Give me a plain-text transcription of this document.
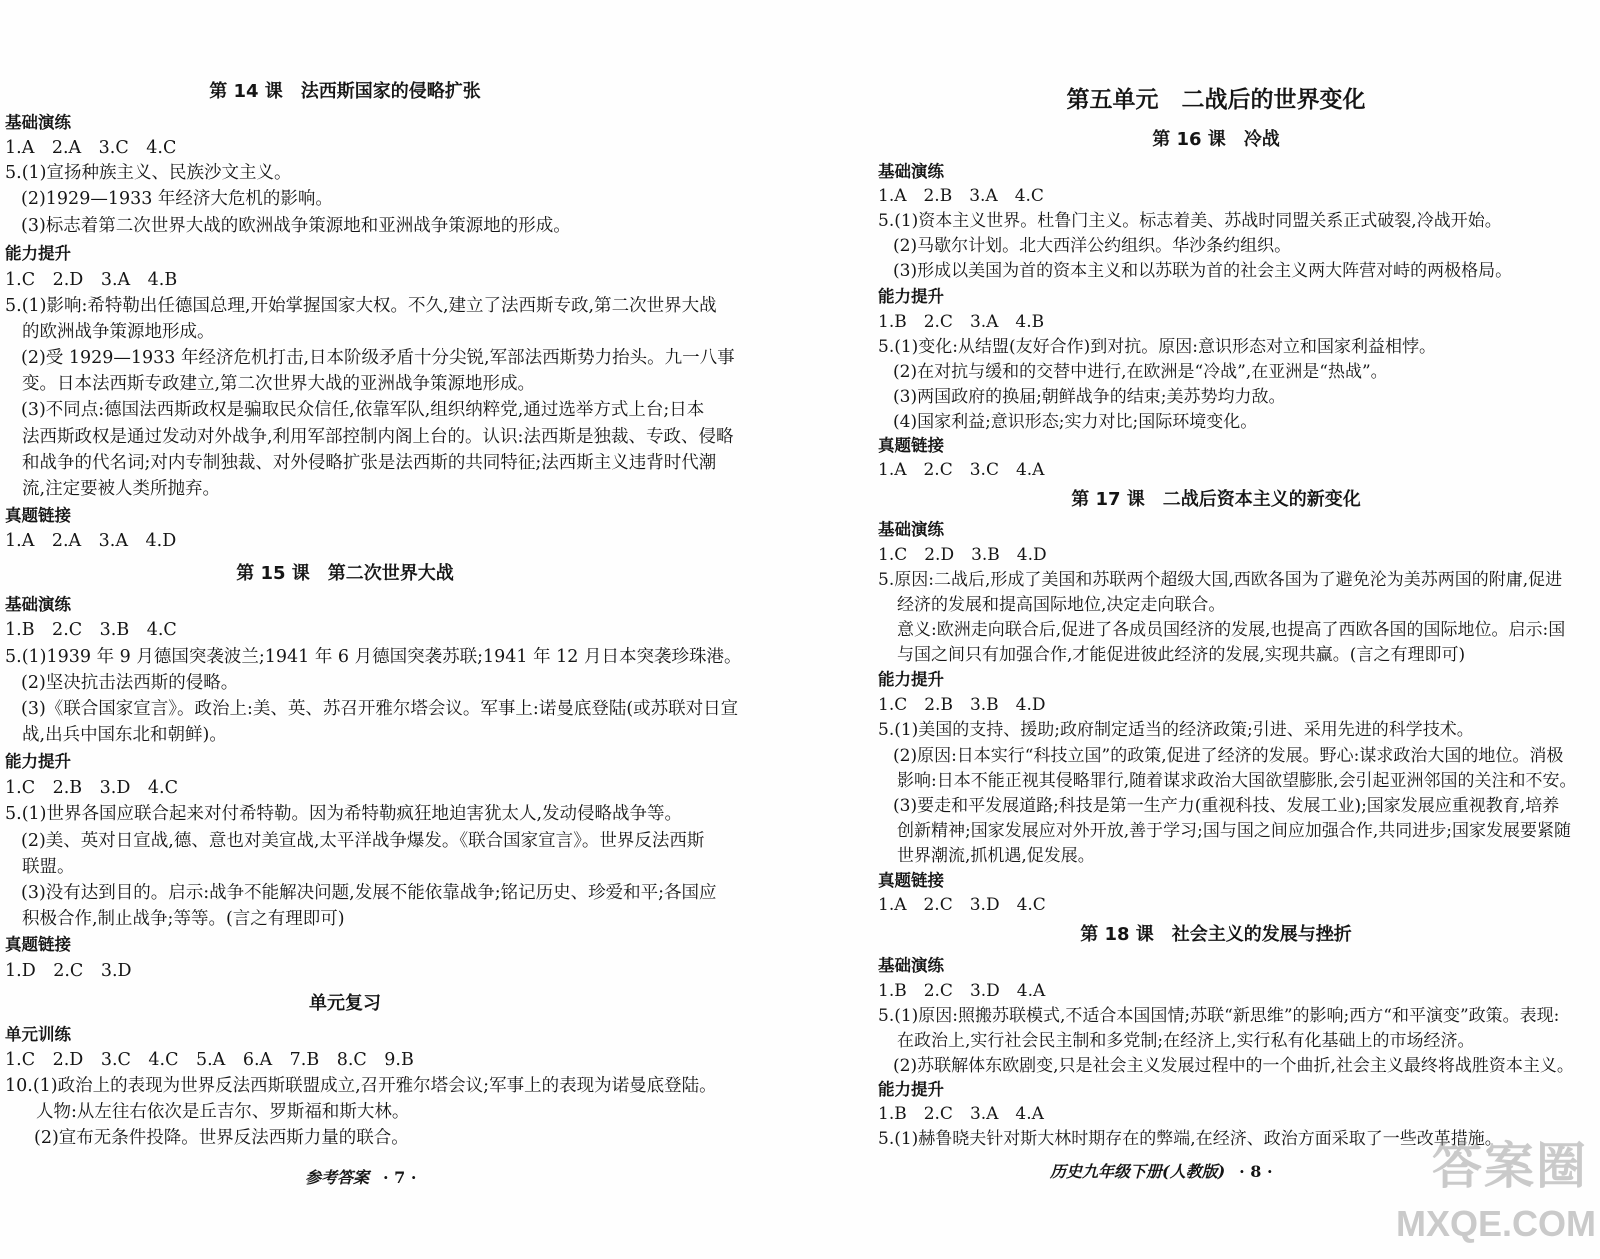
第 14 课　法西斯国家的侵略扩张
基础演练
1.A　2.A　3.C　4.C
5.(1)宣扬种族主义、民族沙文主义。
(2)1929—1933 年经济大危机的影响。
(3)标志着第二次世界大战的欧洲战争策源地和亚洲战争策源地的形成。
能力提升
1.C　2.D　3.A　4.B
5.(1)影响:希特勒出任德国总理,开始掌握国家大权。不久,建立了法西斯专政,第二次世界大战
的欧洲战争策源地形成。
(2)受 1929—1933 年经济危机打击,日本阶级矛盾十分尖锐,军部法西斯势力抬头。九一八事
变。日本法西斯专政建立,第二次世界大战的亚洲战争策源地形成。
(3)不同点:德国法西斯政权是骗取民众信任,依靠军队,组织纳粹党,通过选举方式上台;日本
法西斯政权是通过发动对外战争,利用军部控制内阁上台的。认识:法西斯是独裁、专政、侵略
和战争的代名词;对内专制独裁、对外侵略扩张是法西斯的共同特征;法西斯主义违背时代潮
流,注定要被人类所抛弃。
真题链接
1.A　2.A　3.A　4.D
第 15 课　第二次世界大战
基础演练
1.B　2.C　3.B　4.C
5.(1)1939 年 9 月德国突袭波兰;1941 年 6 月德国突袭苏联;1941 年 12 月日本突袭珍珠港。
(2)坚决抗击法西斯的侵略。
(3)《联合国家宣言》。政治上:美、英、苏召开雅尔塔会议。军事上:诺曼底登陆(或苏联对日宣
战,出兵中国东北和朝鲜)。
能力提升
1.C　2.B　3.D　4.C
5.(1)世界各国应联合起来对付希特勒。因为希特勒疯狂地迫害犹太人,发动侵略战争等。
(2)美、英对日宣战,德、意也对美宣战,太平洋战争爆发。《联合国家宣言》。世界反法西斯
联盟。
(3)没有达到目的。启示:战争不能解决问题,发展不能依靠战争;铭记历史、珍爱和平;各国应
积极合作,制止战争;等等。(言之有理即可)
真题链接
1.D　2.C　3.D
单元复习
单元训练
1.C　2.D　3.C　4.C　5.A　6.A　7.B　8.C　9.B
10.(1)政治上的表现为世界反法西斯联盟成立,召开雅尔塔会议;军事上的表现为诺曼底登陆。
人物:从左往右依次是丘吉尔、罗斯福和斯大林。
(2)宣布无条件投降。世界反法西斯力量的联合。
参考答案 · 7 ·
第五单元　二战后的世界变化
第 16 课　冷战
基础演练
1.A　2.B　3.A　4.C
5.(1)资本主义世界。杜鲁门主义。标志着美、苏战时同盟关系正式破裂,冷战开始。
(2)马歇尔计划。北大西洋公约组织。华沙条约组织。
(3)形成以美国为首的资本主义和以苏联为首的社会主义两大阵营对峙的两极格局。
能力提升
1.B　2.C　3.A　4.B
5.(1)变化:从结盟(友好合作)到对抗。原因:意识形态对立和国家利益相悖。
(2)在对抗与缓和的交替中进行,在欧洲是“冷战”,在亚洲是“热战”。
(3)两国政府的换届;朝鲜战争的结束;美苏势均力敌。
(4)国家利益;意识形态;实力对比;国际环境变化。
真题链接
1.A　2.C　3.C　4.A
第 17 课　二战后资本主义的新变化
基础演练
1.C　2.D　3.B　4.D
5.原因:二战后,形成了美国和苏联两个超级大国,西欧各国为了避免沦为美苏两国的附庸,促进
经济的发展和提高国际地位,决定走向联合。
意义:欧洲走向联合后,促进了各成员国经济的发展,也提高了西欧各国的国际地位。启示:国
与国之间只有加强合作,才能促进彼此经济的发展,实现共赢。(言之有理即可)
能力提升
1.C　2.B　3.B　4.D
5.(1)美国的支持、援助;政府制定适当的经济政策;引进、采用先进的科学技术。
(2)原因:日本实行“科技立国”的政策,促进了经济的发展。野心:谋求政治大国的地位。消极
影响:日本不能正视其侵略罪行,随着谋求政治大国欲望膨胀,会引起亚洲邻国的关注和不安。
(3)要走和平发展道路;科技是第一生产力(重视科技、发展工业);国家发展应重视教育,培养
创新精神;国家发展应对外开放,善于学习;国与国之间应加强合作,共同进步;国家发展要紧随
世界潮流,抓机遇,促发展。
真题链接
1.A　2.C　3.D　4.C
第 18 课　社会主义的发展与挫折
基础演练
1.B　2.C　3.D　4.A
5.(1)原因:照搬苏联模式,不适合本国国情;苏联“新思维”的影响;西方“和平演变”政策。表现:
在政治上,实行社会民主制和多党制;在经济上,实行私有化基础上的市场经济。
(2)苏联解体东欧剧变,只是社会主义发展过程中的一个曲折,社会主义最终将战胜资本主义。
能力提升
1.B　2.C　3.A　4.A
5.(1)赫鲁晓夫针对斯大林时期存在的弊端,在经济、政治方面采取了一些改革措施。
历史九年级下册(人教版) · 8 ·	答案圈
MXQE.COM
